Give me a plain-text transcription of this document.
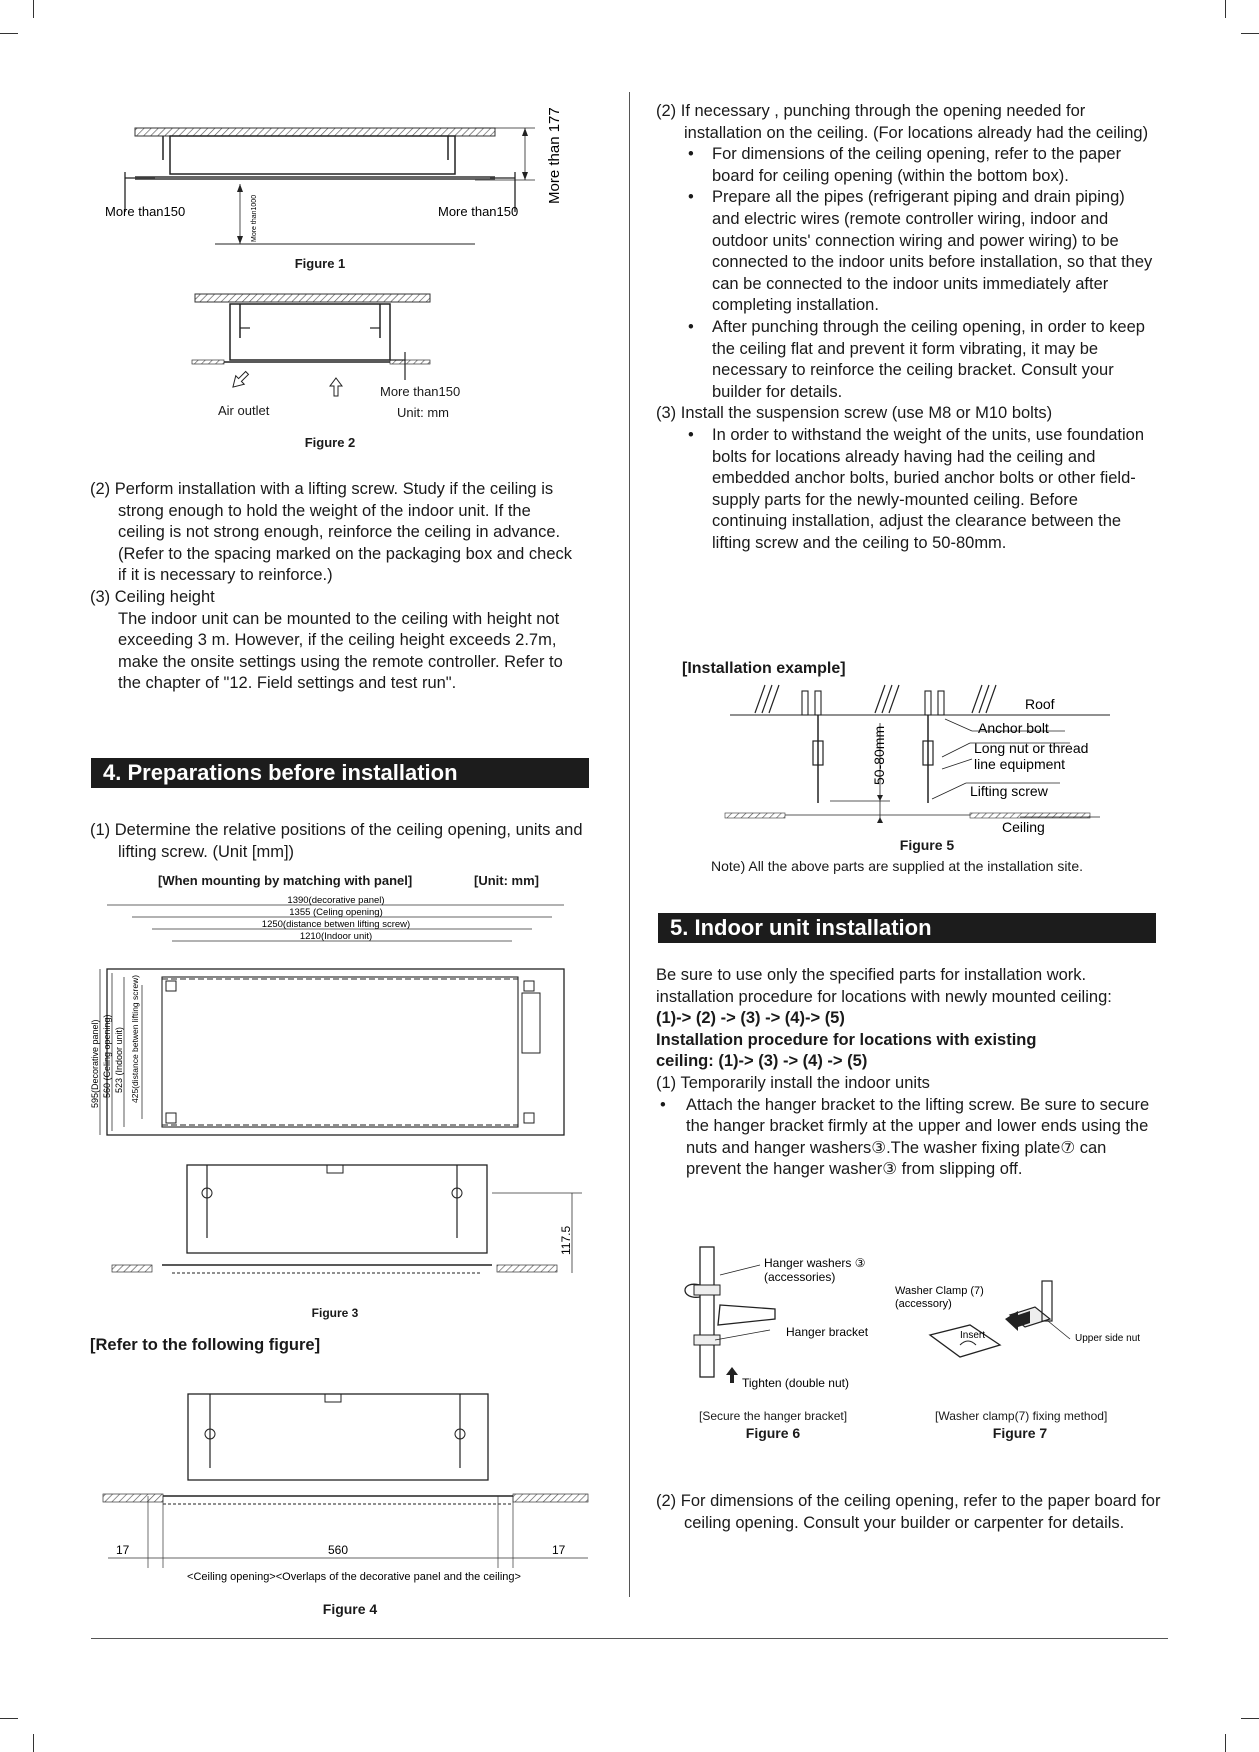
More than150	More than150
More than1000
More than 177
Figure 1
Air outlet
More than150
Unit: mm
Figure 2

(2) Perform installation with a lifting screw. Study if the ceiling is strong enough to hold the weight of the indoor unit. If the ceiling is not strong enough, reinforce the ceiling in advance.

(Refer to the spacing marked on the packaging box and check if it is necessary to reinforce.)

(3) Ceiling height

The indoor unit can be mounted to the ceiling with height not exceeding 3 m. However, if the ceiling height exceeds 2.7m, make the onsite settings using the remote controller. Refer to the chapter of "12. Field settings and test run".

4. Preparations before installation

(1) Determine the relative positions of the ceiling opening, units and lifting screw. (Unit [mm])

[When mounting by matching with panel]	[Unit: mm]
1390(decorative panel)
1355 (Celing opening)
1250(distance betwen lifting screw)
1210(Indoor unit)
595(Decorative panel) 560 (Celing opening) 523 (Indoor unit) 425(distance betwen lifting screw)
117.5
Figure 3
[Refer to the following figure]
17	560	17
<Ceiling opening><Overlaps of the decorative panel and the ceiling>
Figure 4

(2) If necessary , punching through the opening needed for installation on the ceiling. (For locations already had the ceiling)

• For dimensions of the ceiling opening, refer to the paper board for ceiling opening (within the bottom box).

• Prepare all the pipes (refrigerant piping and drain piping) and electric wires (remote controller wiring, indoor and outdoor units' connection wiring and power wiring) to be connected to the indoor units before installation, so that they can be connected to the indoor units immediately after completing installation.

• After punching through the ceiling opening, in order to keep the ceiling flat and prevent it form vibrating, it may be necessary to reinforce the ceiling bracket. Consult your builder for details.

(3) Install the suspension screw (use M8 or M10 bolts)

• In order to withstand the weight of the units, use foundation bolts for locations already having had the ceiling and embedded anchor bolts, buried anchor bolts or other field-supply parts for the newly-mounted ceiling. Before continuing installation, adjust the clearance between the lifting screw and the ceiling to 50-80mm.

[Installation example]
50-80mm
Roof
Anchor bolt
Long nut or thread
line equipment
Lifting screw
Ceiling
Figure 5
Note) All the above parts are supplied at the installation site.
5. Indoor unit installation

Be sure to use only the specified parts for installation work. installation procedure for locations with newly mounted ceiling:

(1)-> (2) -> (3) -> (4)-> (5)

Installation procedure for locations with existing

ceiling: (1)-> (3) -> (4) -> (5)

(1) Temporarily install the indoor units

• Attach the hanger bracket to the lifting screw. Be sure to secure the hanger bracket firmly at the upper and lower ends using the nuts and hanger washers③.The washer fixing plate⑦ can prevent the hanger washer③ from slipping off.

Hanger washers ③
(accessories)
Hanger bracket
Tighten (double nut)
[Secure the hanger bracket]
Figure 6
Washer Clamp (7)
(accessory)
Insert	Upper side nut
[Washer clamp(7) fixing method]
Figure 7

(2) For dimensions of the ceiling opening, refer to the paper board for ceiling opening. Consult your builder or carpenter for details.
